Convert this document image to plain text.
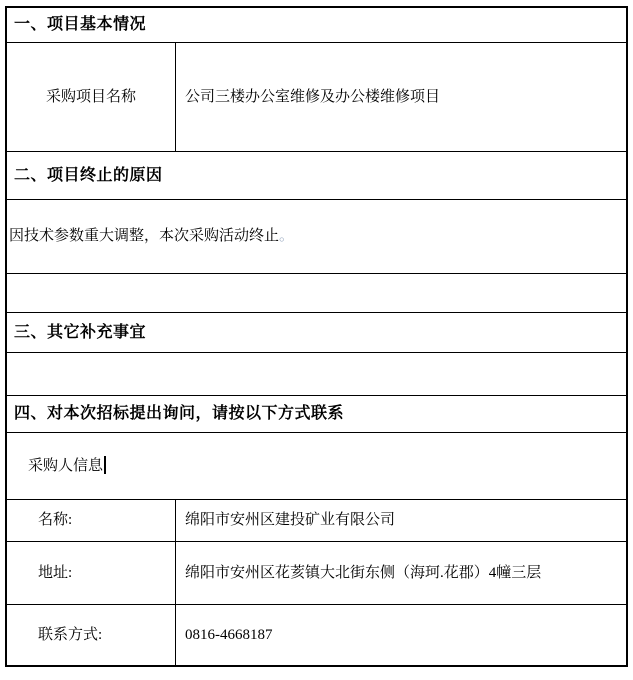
一、项目基本情况
采购项目名称	公司三楼办公室维修及办公楼维修项目
二、项目终止的原因
因技术参数重大调整，本次采购活动终止 。
三、其它补充事宜
四、对本次招标提出询问，请按以下方式联系
采购人信息
名称:	绵阳市安州区建投矿业有限公司
地址:	绵阳市安州区花荄镇大北街东侧（海珂.花郡）4幢三层
联系方式:	0816-4668187
